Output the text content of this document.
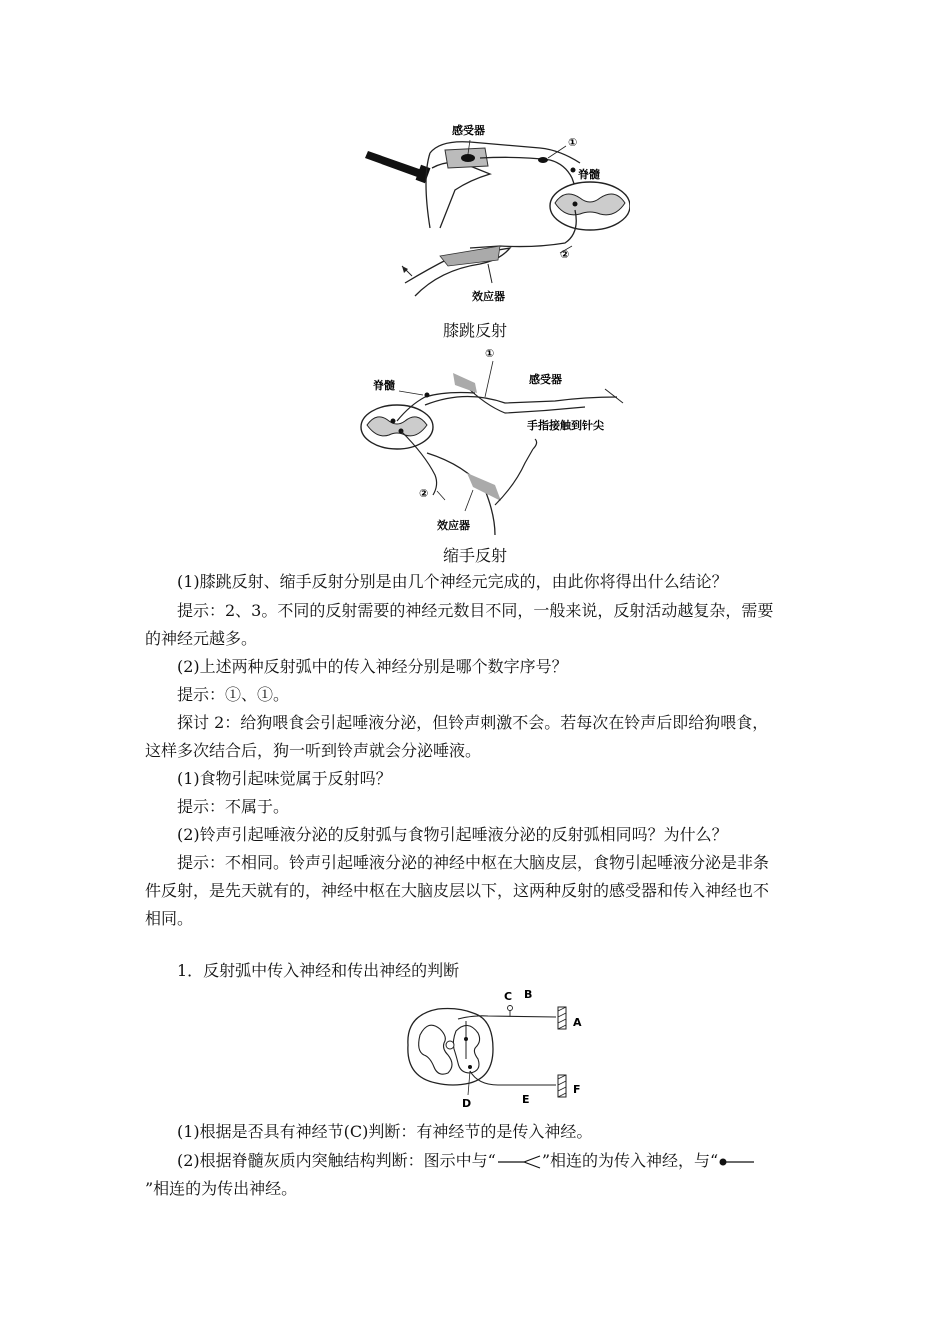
感受器
①
脊髓
②
效应器
膝跳反射
①
脊髓	感受器
手指接触到针尖
②
效应器
缩手反射
(1)膝跳反射、缩手反射分别是由几个神经元完成的，由此你将得出什么结论？
提示：2、3。不同的反射需要的神经元数目不同，一般来说，反射活动越复杂，需要
的神经元越多。
(2)上述两种反射弧中的传入神经分别是哪个数字序号？
提示：①、①。
探讨 2：给狗喂食会引起唾液分泌，但铃声刺激不会。若每次在铃声后即给狗喂食，
这样多次结合后，狗一听到铃声就会分泌唾液。
(1)食物引起味觉属于反射吗？
提示：不属于。
(2)铃声引起唾液分泌的反射弧与食物引起唾液分泌的反射弧相同吗？为什么？
提示：不相同。铃声引起唾液分泌的神经中枢在大脑皮层，食物引起唾液分泌是非条
件反射，是先天就有的，神经中枢在大脑皮层以下，这两种反射的感受器和传入神经也不
相同。
1．反射弧中传入神经和传出神经的判断
C B
A
F
E
D
(1)根据是否具有神经节(C)判断：有神经节的是传入神经。
(2)根据脊髓灰质内突触结构判断：图示中与“	”相连的为传入神经，与“
”相连的为传出神经。
